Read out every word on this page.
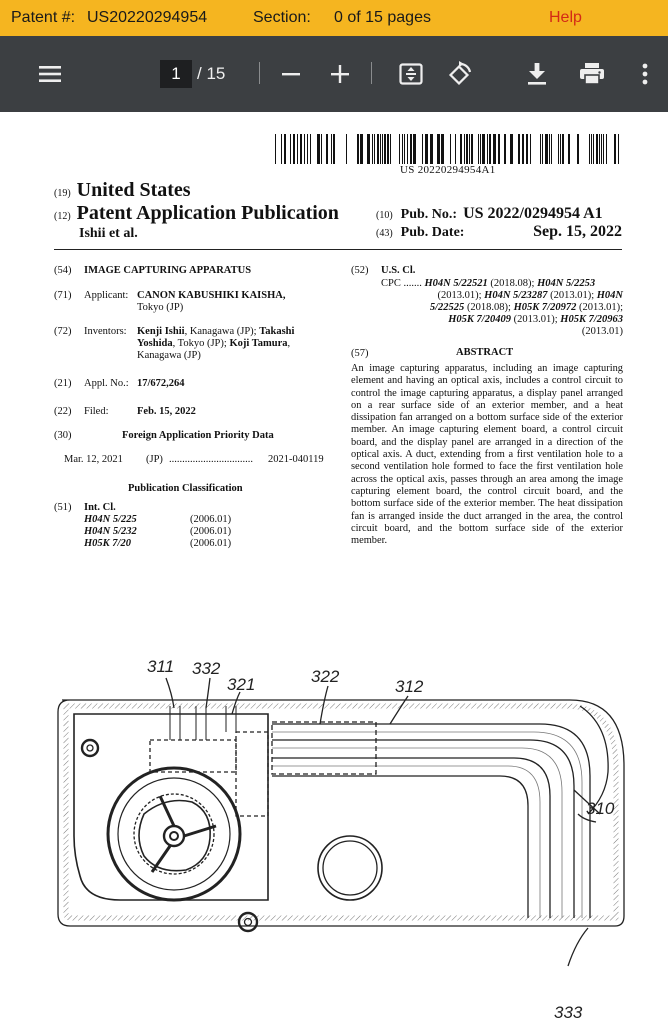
Patent #: US20220294954	Section: 0 of 15 pages	Help
1 / 15
US 20220294954A1
(19) United States
(12) Patent Application Publication
Ishii et al.
(10) Pub. No.: US 2022/0294954 A1
(43) Pub. Date:	Sep. 15, 2022
(54) IMAGE CAPTURING APPARATUS
(71) Applicant: CANON KABUSHIKI KAISHA,
Tokyo (JP)
(72) Inventors: Kenji Ishii, Kanagawa (JP); Takashi
Yoshida, Tokyo (JP); Koji Tamura,
Kanagawa (JP)
(21) Appl. No.: 17/672,264
(22) Filed:	Feb. 15, 2022
(30)	Foreign Application Priority Data
Mar. 12, 2021 (JP) ................................ 2021-040119
Publication Classification
(51) Int. Cl.
H04N 5/225	(2006.01)
H04N 5/232	(2006.01)
H05K 7/20	(2006.01)
(52) U.S. Cl.
CPC ....... H04N 5/22521 (2018.08); H04N 5/2253
(2013.01); H04N 5/23287 (2013.01); H04N
5/22525 (2018.08); H05K 7/20972 (2013.01);
H05K 7/20409 (2013.01); H05K 7/20963
(2013.01)
(57)	ABSTRACT
An image capturing apparatus, including an image capturing element and having an optical axis, includes a control circuit to control the image capturing apparatus, a display panel arranged on a rear surface side of an exterior member, and a heat dissipation fan arranged on a bottom surface side of the exterior member. An image capturing element board, a control circuit board, and the display panel are arranged in a direction of the optical axis. A duct, extending from a first ventilation hole to a second ventilation hole formed to face the first ventilation hole across the optical axis, passes through an area among the image capturing element board, the control circuit board, and the bottom surface side of the exterior member. The heat dissipation fan is arranged inside the duct arranged in the area, the control circuit board, and the bottom surface side of the exterior member.
311 332
321	322
312
310
333
